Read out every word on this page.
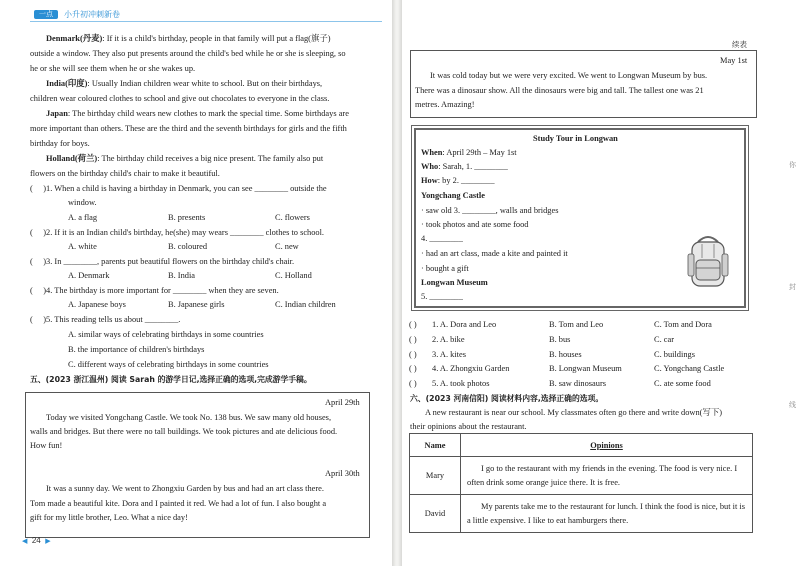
一点	小升初冲刺新卷

Denmark(丹麦): If it is a child's birthday, people in that family will put a flag(旗子)

outside a window. They also put presents around the child's bed while he or she is sleeping, so

he or she will see them when he or she wakes up.

India(印度): Usually Indian children wear white to school. But on their birthdays,

children wear coloured clothes to school and give out chocolates to everyone in the class.

Japan: The birthday child wears new clothes to mark the special time. Some birthdays are

more important than others. These are the third and the seventh birthdays for girls and the fifth

birthday for boys.

Holland(荷兰): The birthday child receives a big nice present. The family also put

flowers on the birthday child's chair to make it beautiful.

(     )1. When a child is having a birthday in Denmark, you can see ________ outside the

window.

A. a flag	B. presents	C. flowers

(     )2. If it is an Indian child's birthday, he(she) may wears ________ clothes to school.

A. white	B. coloured	C. new

(     )3. In ________, parents put beautiful flowers on the birthday child's chair.

A. Denmark	B. India	C. Holland

(     )4. The birthday is more important for ________ when they are seven.

A. Japanese boys	B. Japanese girls	C. Indian children

(     )5. This reading tells us about ________.

A. similar ways of celebrating birthdays in some countries

B. the importance of children's birthdays

C. different ways of celebrating birthdays in some countries

五、(2023 浙江温州) 阅读 Sarah 的游学日记,选择正确的选项,完成游学手稿。

April 29th

Today we visited Yongchang Castle. We took No. 138 bus. We saw many old houses,

walls and bridges. But there were no tall buildings. We took pictures and ate delicious food.

How fun!

April 30th

It was a sunny day. We went to Zhongxiu Garden by bus and had an art class there.

Tom made a beautiful kite. Dora and I painted it red. We had a lot of fun. I also bought a

gift for my little brother, Leo. What a nice day!

◀ 24 ▶
你
封
线

续表

May 1st

It was cold today but we were very excited. We went to Longwan Museum by bus.

There was a dinosaur show. All the dinosaurs were big and tall. The tallest one was 21

metres. Amazing!

Study Tour in Longwan

When: April 29th – May 1st

Who: Sarah, 1. ________

How: by 2. ________

Yongchang Castle

· saw old 3. ________, walls and bridges

· took photos and ate some food

4. ________

· had an art class, made a kite and painted it

· bought a gift

Longwan Museum

5. ________

( ) 1. A. Dora and Leo	B. Tom and Leo	C. Tom and Dora

( ) 2. A. bike	B. bus	C. car

( ) 3. A. kites	B. houses	C. buildings

( ) 4. A. Zhongxiu Garden	B. Longwan Museum	C. Yongchang Castle

( ) 5. A. took photos	B. saw dinosaurs	C. ate some food

六、(2023 河南信阳) 阅读材料内容,选择正确的选项。

A new restaurant is near our school. My classmates often go there and write down(写下)

their opinions about the restaurant.

Name	Opinions
Mary	I go to the restaurant with my friends in the evening. The food is very nice. I often drink some orange juice there. It is free.
David	My parents take me to the restaurant for lunch. I think the food is nice, but it is a little expensive. I like to eat hamburgers there.
